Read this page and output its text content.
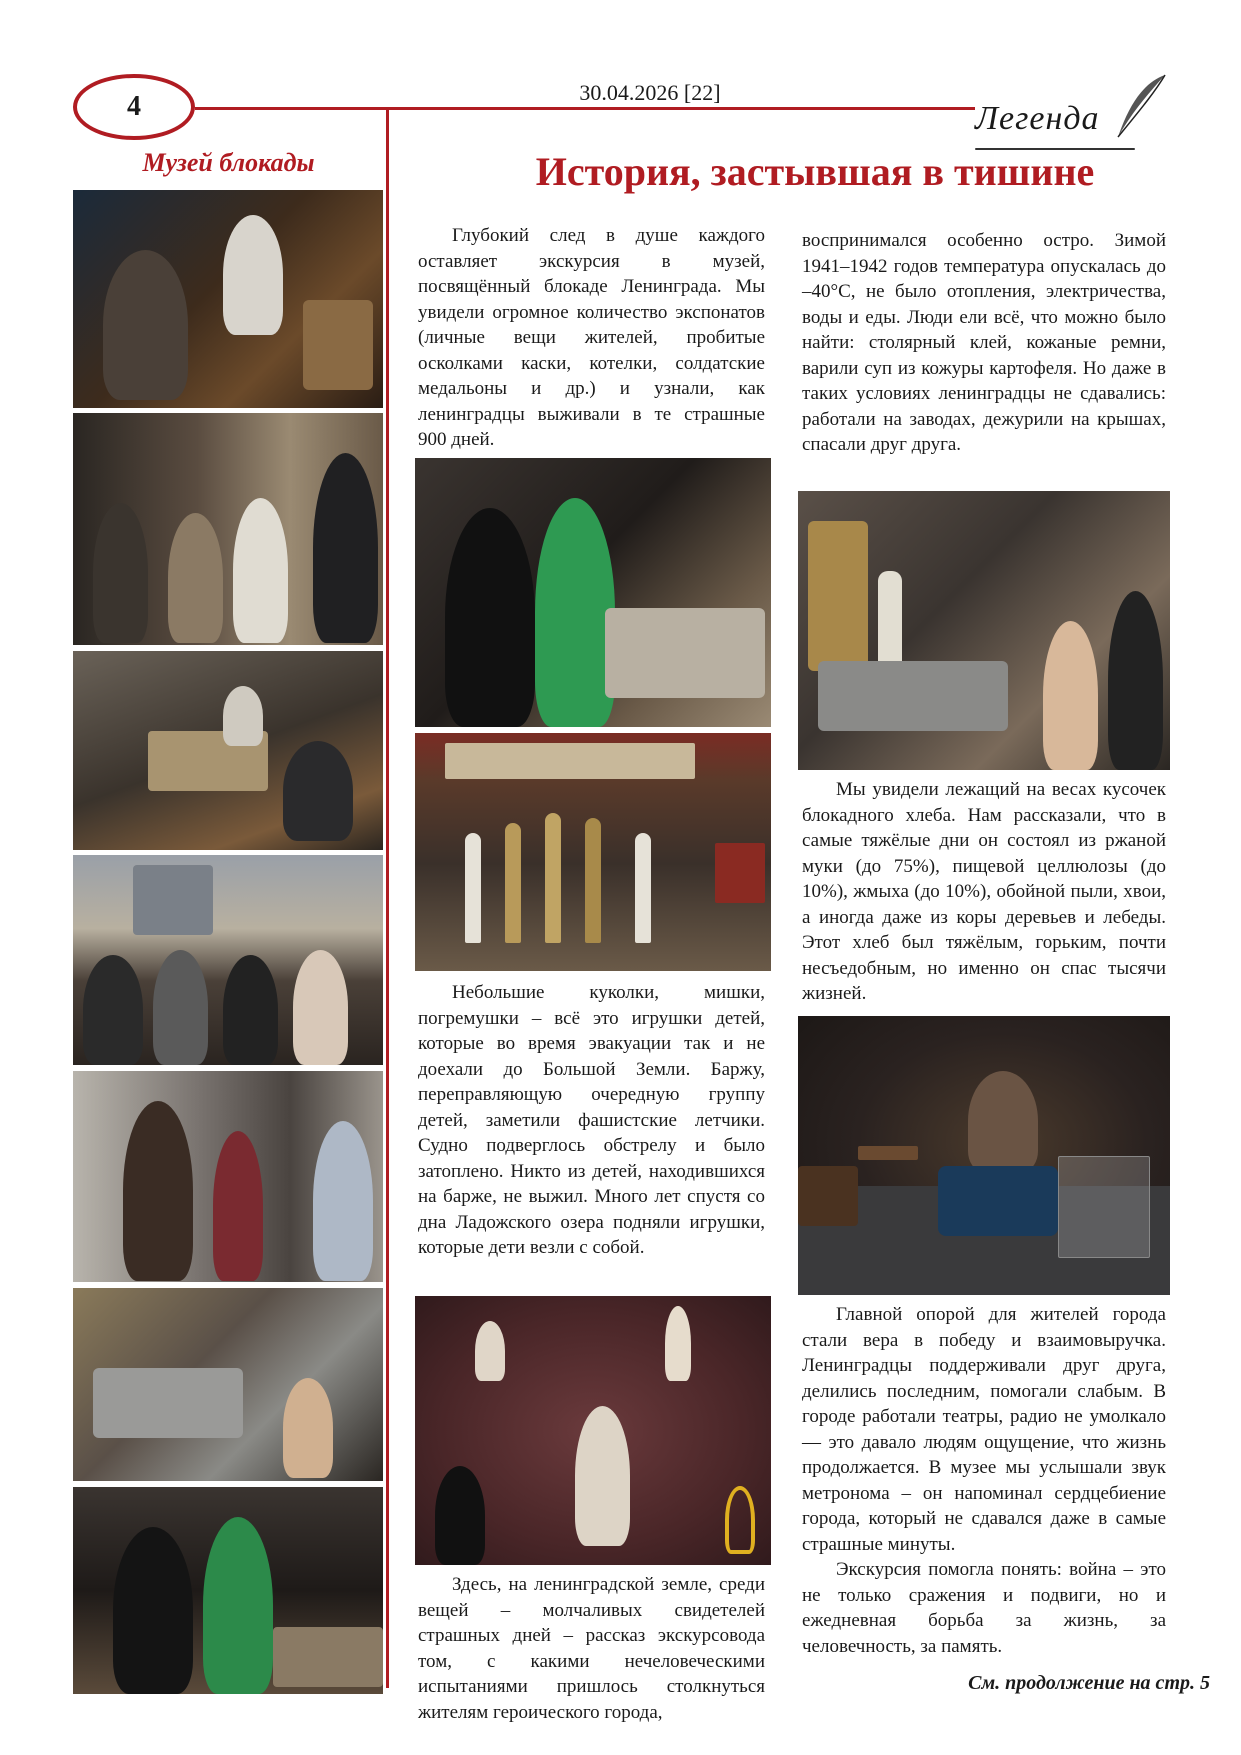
4	30.04.2026 [22]
Легенда
Музей блокады	История, застывшая в тишине

Глубокий след в душе каждого оставляет экскурсия в музей, посвящённый блокаде Ленинграда. Мы увидели огромное количество экспонатов (личные вещи жителей, пробитые осколками каски, котелки, солдатские медальоны и др.) и узнали, как ленинградцы выживали в те страшные 900 дней.

Небольшие куколки, мишки, погремушки – всё это игрушки детей, которые во время эвакуации так и не доехали до Большой Земли. Баржу, переправляющую очередную группу детей, заметили фашистские летчики. Судно подверглось обстрелу и было затоплено. Никто из детей, находившихся на барже, не выжил. Много лет спустя со дна Ладожского озера подняли игрушки, которые дети везли с собой.

Здесь, на ленинградской земле, среди вещей – молчаливых свидетелей страшных дней – рассказ экскурсовода том, с какими нечеловеческими испытаниями пришлось столкнуться жителям героического города,

воспринимался особенно остро. Зимой 1941–1942 годов температура опускалась до –40°С, не было отопления, электричества, воды и еды. Люди ели всё, что можно было найти: столярный клей, кожаные ремни, варили суп из кожуры картофеля. Но даже в таких условиях ленинградцы не сдавались: работали на заводах, дежурили на крышах, спасали друг друга.

Мы увидели лежащий на весах кусочек блокадного хлеба. Нам рассказали, что в самые тяжёлые дни он состоял из ржаной муки (до 75%), пищевой целлюлозы (до 10%), жмыха (до 10%), обойной пыли, хвои, а иногда даже из коры деревьев и лебеды. Этот хлеб был тяжёлым, горьким, почти несъедобным, но именно он спас тысячи жизней.

Главной опорой для жителей города стали вера в победу и взаимовыручка. Ленинградцы поддерживали друг друга, делились последним, помогали слабым. В городе работали театры, радио не умолкало — это давало людям ощущение, что жизнь продолжается. В музее мы услышали звук метронома – он напоминал сердцебиение города, который не сдавался даже в самые страшные минуты.

Экскурсия помогла понять: война – это не только сражения и подвиги, но и ежедневная борьба за жизнь, за человечность, за память.

См. продолжение на стр. 5
